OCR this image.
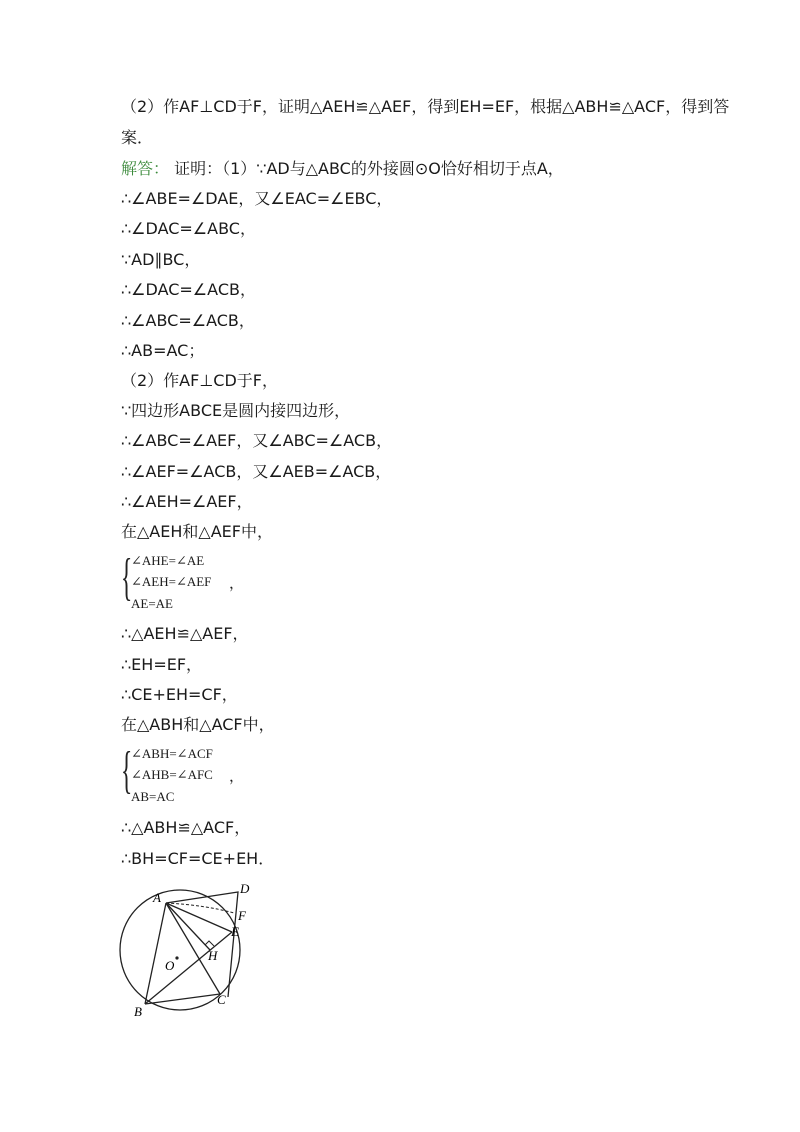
（2）作AF⊥CD于F，证明△AEH≌△AEF，得到EH=EF，根据△ABH≌△ACF，得到答
案．
解答： 证明：（1）∵AD与△ABC的外接圆⊙O恰好相切于点A，
∴∠ABE=∠DAE，又∠EAC=∠EBC，
∴∠DAC=∠ABC，
∵AD∥BC，
∴∠DAC=∠ACB，
∴∠ABC=∠ACB，
∴AB=AC；
（2）作AF⊥CD于F，
∵四边形ABCE是圆内接四边形，
∴∠ABC=∠AEF，又∠ABC=∠ACB，
∴∠AEF=∠ACB，又∠AEB=∠ACB，
∴∠AEH=∠AEF，
在△AEH和△AEF中，
{
∠AHE=∠AE
∠AEH=∠AEF
AE=AE
，
∴△AEH≌△AEF，
∴EH=EF，
∴CE+EH=CF，
在△ABH和△ACF中，
{
∠ABH=∠ACF
∠AHB=∠AFC
AB=AC
，
∴△ABH≌△ACF，
∴BH=CF=CE+EH．
A
D
F
E
H
O
C
B
